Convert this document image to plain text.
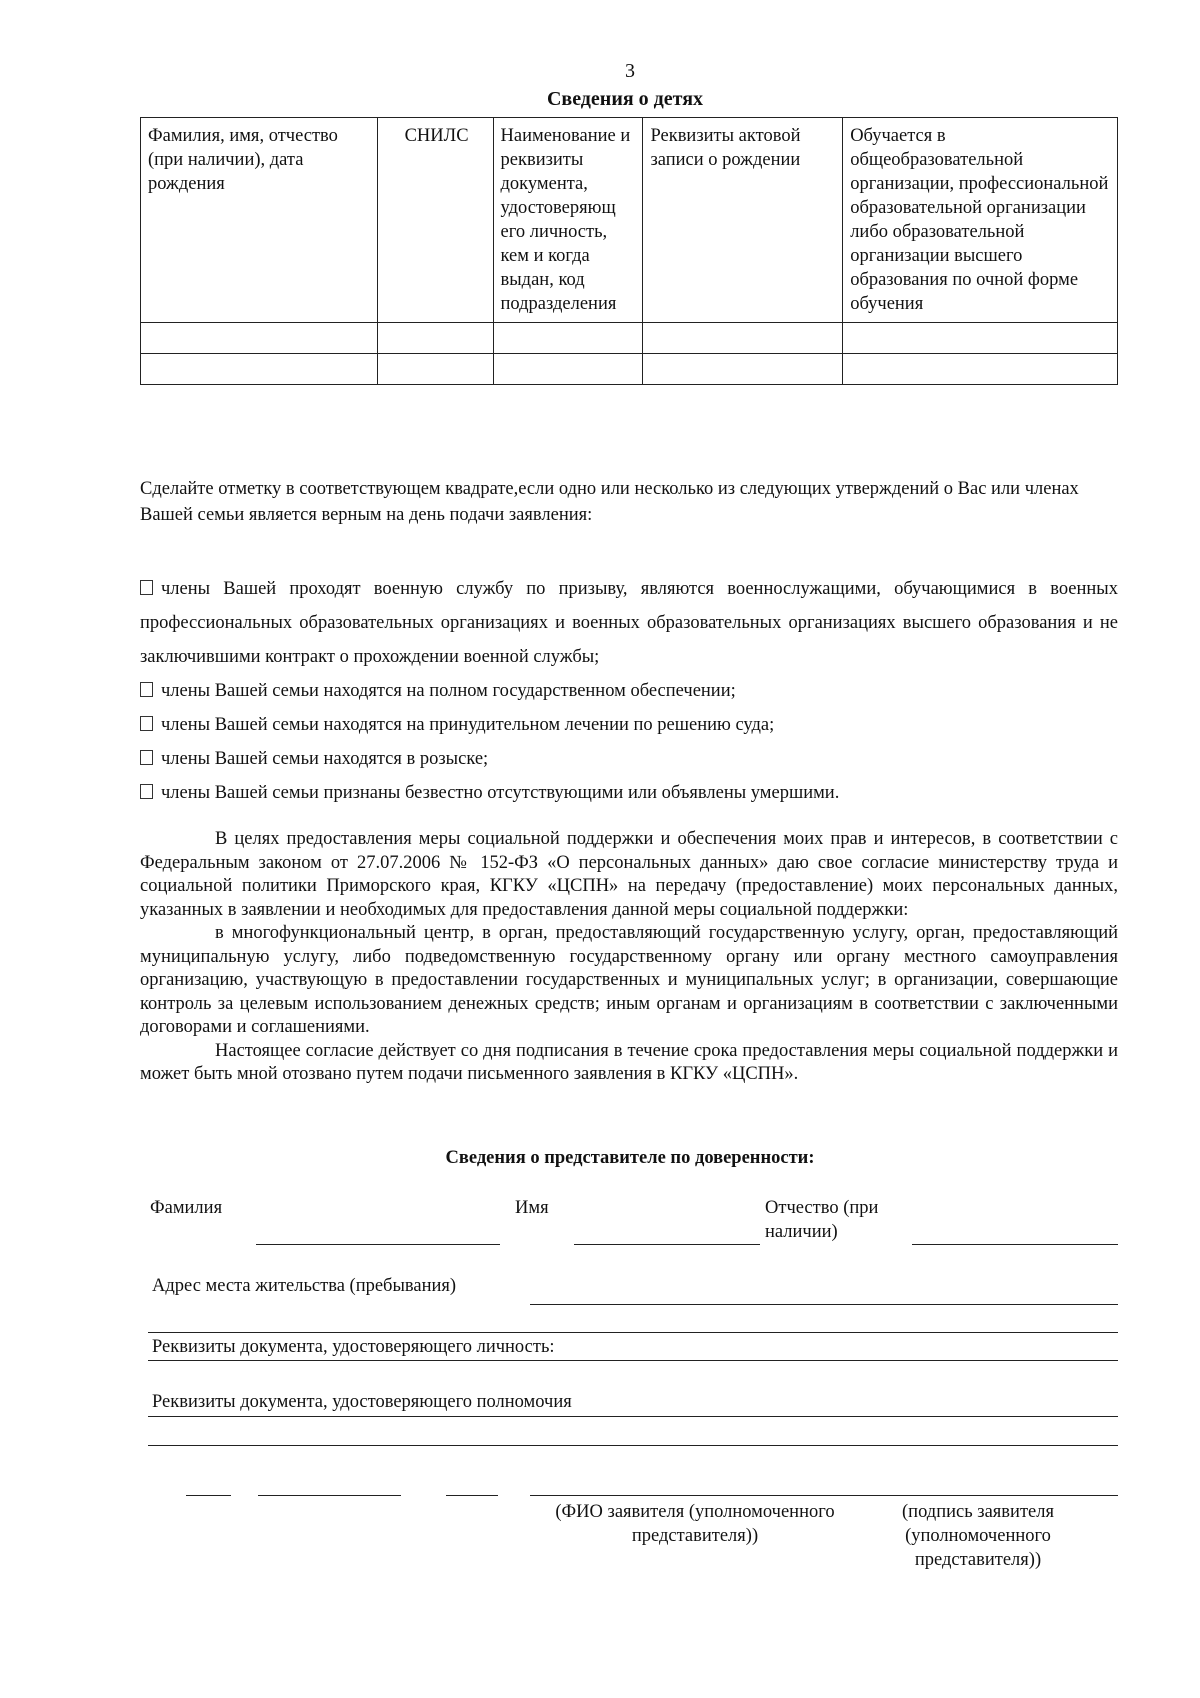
3
Сведения о детях
Фамилия, имя, отчество (при наличии), дата рождения	СНИЛС	Наименование и реквизиты документа, удостоверяющ его личность, кем и когда выдан, код подразделения	Реквизиты актовой записи о рождении	Обучается в общеобразовательной организации, профессиональной образовательной организации либо образовательной организации высшего образования по очной форме обучения

Сделайте отметку в соответствующем квадрате,если одно или несколько из следующих утверждений о Вас или членах Вашей семьи является верным на день подачи заявления:
члены Вашей проходят военную службу по призыву, являются военнослужащими, обучающимися в военных профессиональных образовательных организациях и военных образовательных организациях высшего образования и не заключившими контракт о прохождении военной службы;
члены Вашей семьи находятся на полном государственном обеспечении;
члены Вашей семьи находятся на принудительном лечении по решению суда;
члены Вашей семьи находятся в розыске;
члены Вашей семьи признаны безвестно отсутствующими или объявлены умершими.

В целях предоставления меры социальной поддержки и обеспечения моих прав и интересов, в соответствии с Федеральным законом от 27.07.2006 № 152-ФЗ «О персональных данных» даю свое согласие министерству труда и социальной политики Приморского края, КГКУ «ЦСПН» на передачу (предоставление) моих персональных данных, указанных в заявлении и необходимых для предоставления данной меры социальной поддержки:

в многофункциональный центр, в орган, предоставляющий государственную услугу, орган, предоставляющий муниципальную услугу, либо подведомственную государственному органу или органу местного самоуправления организацию, участвующую в предоставлении государственных и муниципальных услуг; в организации, совершающие контроль за целевым использованием денежных средств; иным органам и организациям в соответствии с заключенными договорами и соглашениями.

Настоящее согласие действует со дня подписания в течение срока предоставления меры социальной поддержки и может быть мной отозвано путем подачи письменного заявления в КГКУ «ЦСПН».

Сведения о представителе по доверенности:
Фамилия	Имя	Отчество (при наличии)
Адрес места жительства (пребывания)
Реквизиты документа, удостоверяющего личность:
Реквизиты документа, удостоверяющего полномочия
(ФИО заявителя (уполномоченного представителя))
(подпись заявителя (уполномоченного представителя))
